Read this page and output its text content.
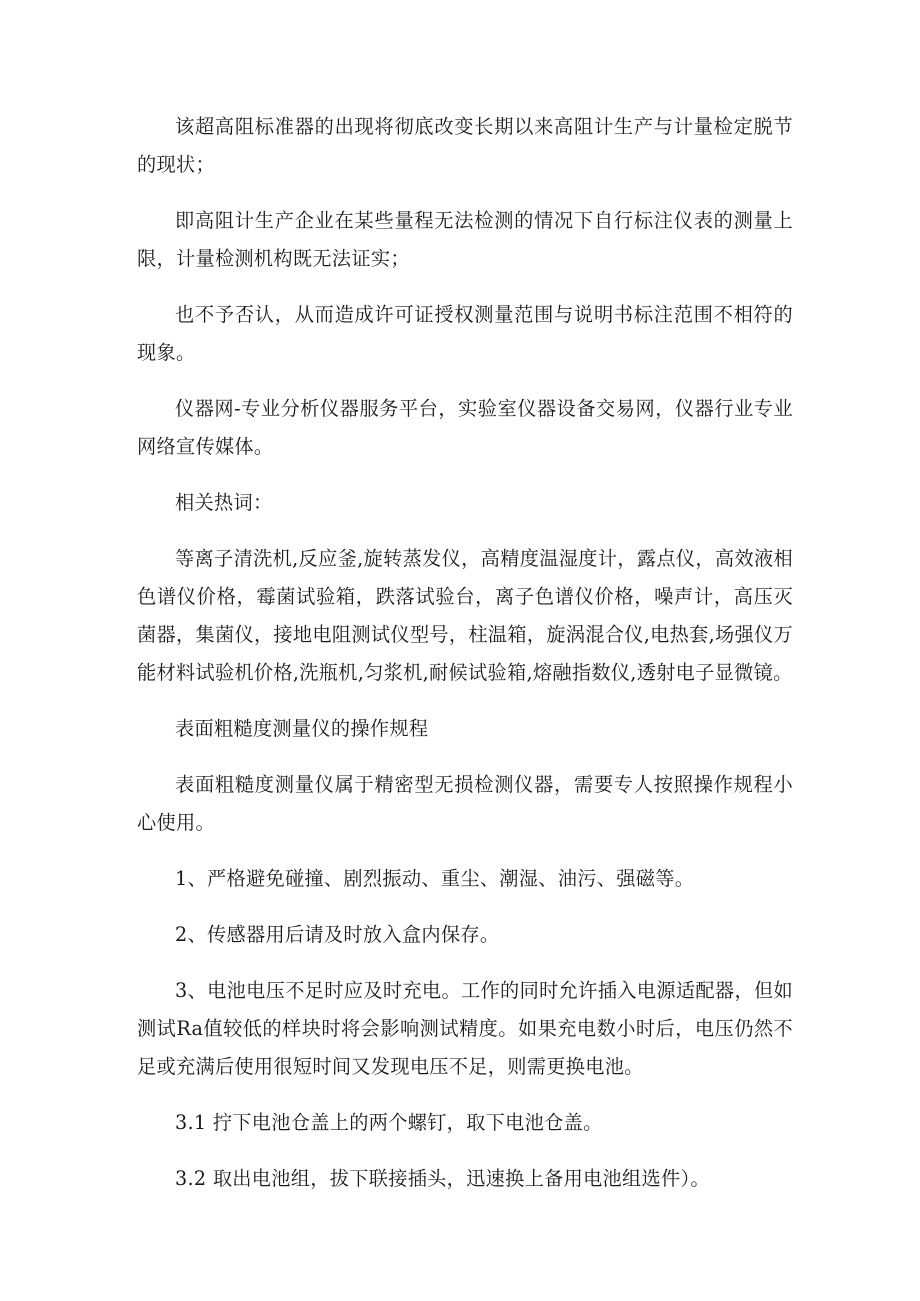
该超高阻标准器的出现将彻底改变长期以来高阻计生产与计量检定脱节的现状；

即高阻计生产企业在某些量程无法检测的情况下自行标注仪表的测量上限，计量检测机构既无法证实；

也不予否认，从而造成许可证授权测量范围与说明书标注范围不相符的现象。

仪器网-专业分析仪器服务平台，实验室仪器设备交易网，仪器行业专业网络宣传媒体。

相关热词：

等离子清洗机,反应釜,旋转蒸发仪，高精度温湿度计，露点仪，高效液相色谱仪价格，霉菌试验箱，跌落试验台，离子色谱仪价格，噪声计，高压灭菌器，集菌仪，接地电阻测试仪型号，柱温箱，旋涡混合仪,电热套,场强仪万能材料试验机价格,洗瓶机,匀浆机,耐候试验箱,熔融指数仪,透射电子显微镜。

表面粗糙度测量仪的操作规程

表面粗糙度测量仪属于精密型无损检测仪器，需要专人按照操作规程小心使用。

1、严格避免碰撞、剧烈振动、重尘、潮湿、油污、强磁等。

2、传感器用后请及时放入盒内保存。

3、电池电压不足时应及时充电。工作的同时允许插入电源适配器，但如测试Ra值较低的样块时将会影响测试精度。如果充电数小时后，电压仍然不足或充满后使用很短时间又发现电压不足，则需更换电池。

3.1 拧下电池仓盖上的两个螺钉，取下电池仓盖。

3.2 取出电池组，拔下联接插头，迅速换上备用电池组选件）。
